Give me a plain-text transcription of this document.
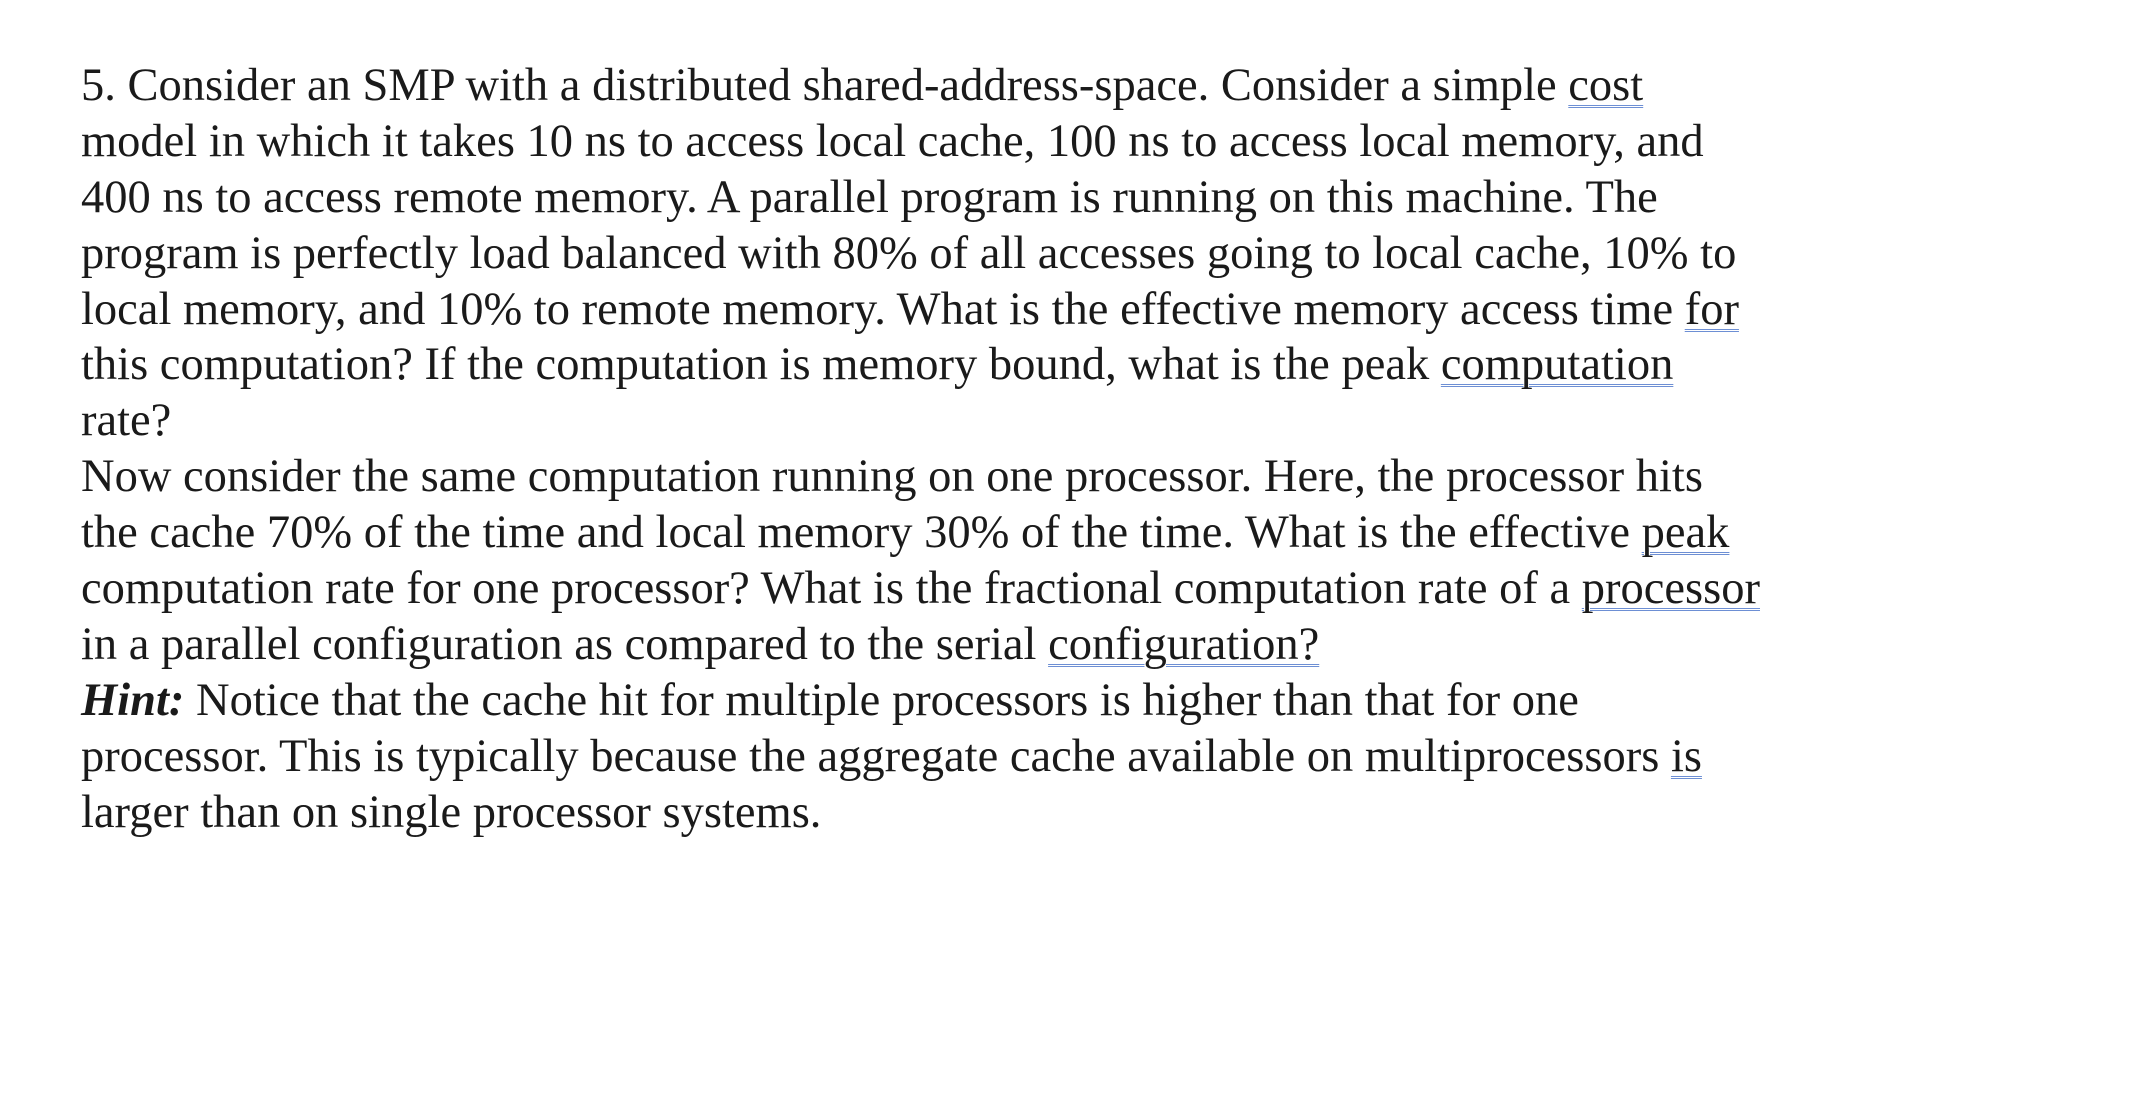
5. Consider an SMP with a distributed shared-address-space. Consider a simple cost
model in which it takes 10 ns to access local cache, 100 ns to access local memory, and
400 ns to access remote memory. A parallel program is running on this machine. The
program is perfectly load balanced with 80% of all accesses going to local cache, 10% to
local memory, and 10% to remote memory. What is the effective memory access time for
this computation? If the computation is memory bound, what is the peak computation
rate?
Now consider the same computation running on one processor. Here, the processor hits
the cache 70% of the time and local memory 30% of the time. What is the effective peak
computation rate for one processor? What is the fractional computation rate of a processor
in a parallel configuration as compared to the serial configuration?
Hint: Notice that the cache hit for multiple processors is higher than that for one
processor. This is typically because the aggregate cache available on multiprocessors is
larger than on single processor systems.
